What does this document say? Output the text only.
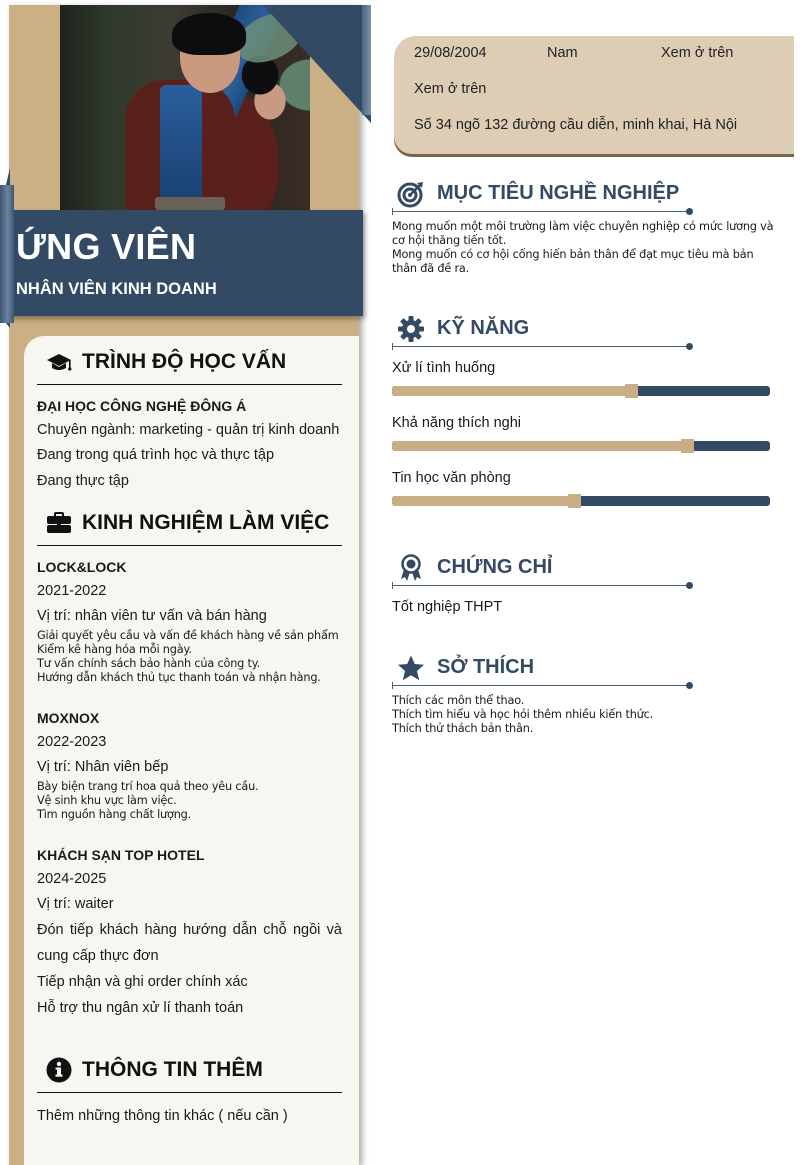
ỨNG VIÊN
NHÂN VIÊN KINH DOANH
TRÌNH ĐỘ HỌC VẤN
ĐẠI HỌC CÔNG NGHỆ ĐÔNG Á
Chuyên ngành: marketing - quản trị kinh doanh
Đang trong quá trình học và thực tập
Đang thực tập
KINH NGHIỆM LÀM VIỆC
LOCK&LOCK
2021-2022
Vị trí: nhân viên tư vấn và bán hàng
Giải quyết yêu cầu và vấn đề khách hàng về sản phẩm
Kiểm kê hàng hóa mỗi ngày.
Tư vấn chính sách bảo hành của công ty.
Hướng dẫn khách thủ tục thanh toán và nhận hàng.
MOXNOX
2022-2023
Vị trí: Nhân viên bếp
Bày biện trang trí hoa quả theo yêu cầu.
Vệ sinh khu vực làm việc.
Tìm nguồn hàng chất lượng.
KHÁCH SẠN TOP HOTEL
2024-2025
Vị trí: waiter
Đón tiếp khách hàng hướng dẫn chỗ ngồi và cung cấp thực đơn
Tiếp nhận và ghi order chính xác
Hỗ trợ thu ngân xử lí thanh toán
THÔNG TIN THÊM
Thêm những thông tin khác ( nếu cần )
29/08/2004	Nam	Xem ở trên
Xem ở trên
Số 34 ngõ 132 đường cầu diễn, minh khai, Hà Nội
MỤC TIÊU NGHỀ NGHIỆP
Mong muốn một môi trường làm việc chuyên nghiệp có mức lương và cơ hội thăng tiến tốt.
Mong muốn có cơ hội cống hiến bản thân để đạt mục tiêu mà bản thân đã đề ra.
KỸ NĂNG
Xử lí tình huống
Khả năng thích nghi
Tin học văn phòng
CHỨNG CHỈ
Tốt nghiệp THPT
SỞ THÍCH
Thích các môn thể thao.
Thích tìm hiểu và học hỏi thêm nhiều kiến thức.
Thích thử thách bản thân.
